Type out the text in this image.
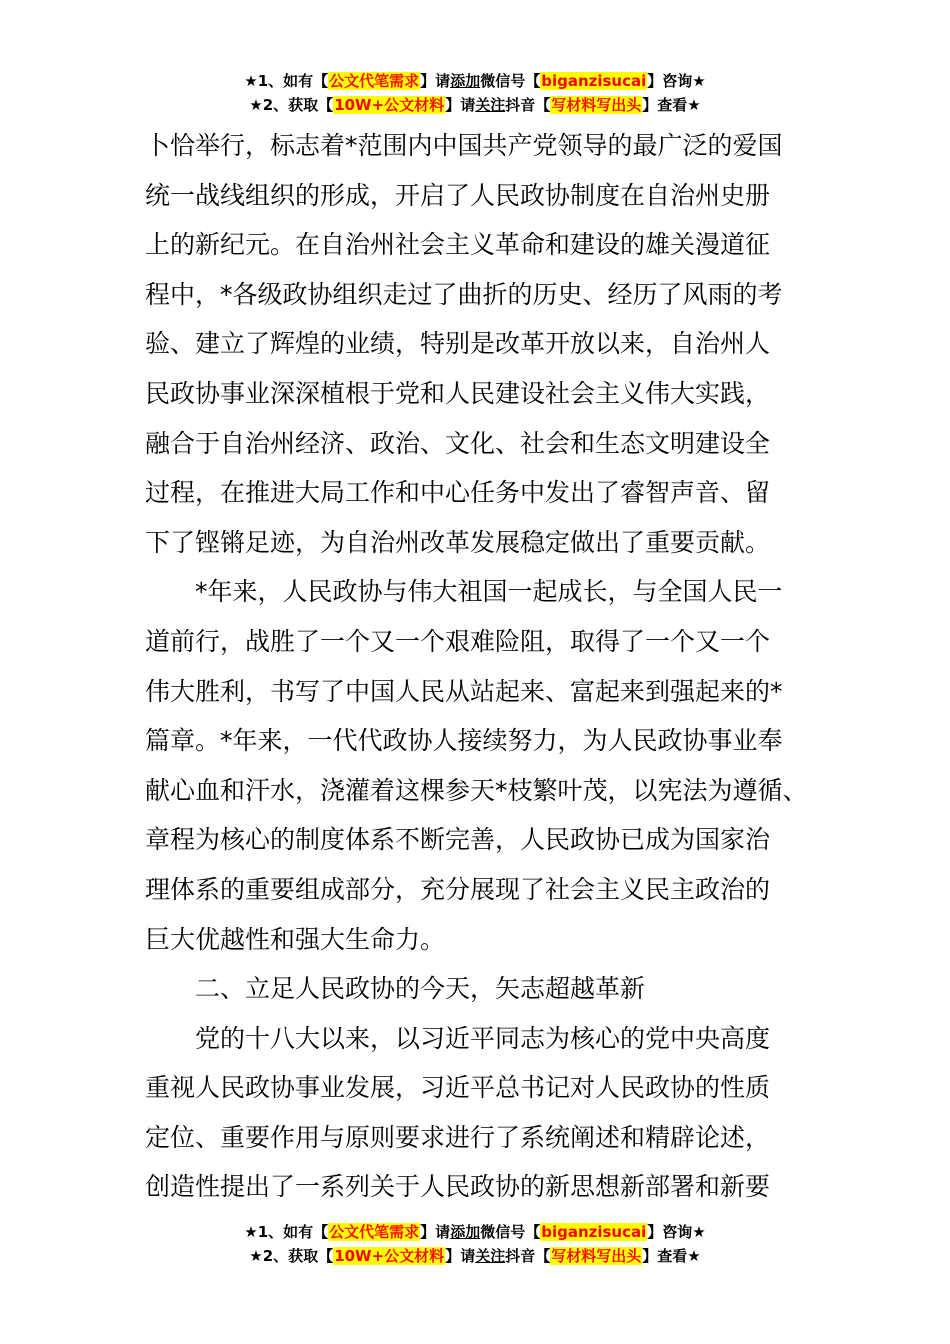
★1、如有【公文代笔需求】请添加微信号【biganzisucai】咨询★
★2、获取【10W+公文材料】请关注抖音【写材料写出头】查看★
卜恰举行，标志着*范围内中国共产党领导的最广泛的爱国
统一战线组织的形成，开启了人民政协制度在自治州史册
上的新纪元。在自治州社会主义革命和建设的雄关漫道征
程中，*各级政协组织走过了曲折的历史、经历了风雨的考
验、建立了辉煌的业绩，特别是改革开放以来，自治州人
民政协事业深深植根于党和人民建设社会主义伟大实践，
融合于自治州经济、政治、文化、社会和生态文明建设全
过程，在推进大局工作和中心任务中发出了睿智声音、留
下了铿锵足迹，为自治州改革发展稳定做出了重要贡献。
*年来，人民政协与伟大祖国一起成长，与全国人民一
道前行，战胜了一个又一个艰难险阻，取得了一个又一个
伟大胜利，书写了中国人民从站起来、富起来到强起来的*
篇章。*年来，一代代政协人接续努力，为人民政协事业奉
献心血和汗水，浇灌着这棵参天*枝繁叶茂，以宪法为遵循、
章程为核心的制度体系不断完善，人民政协已成为国家治
理体系的重要组成部分，充分展现了社会主义民主政治的
巨大优越性和强大生命力。
二、立足人民政协的今天，矢志超越革新
党的十八大以来，以习近平同志为核心的党中央高度
重视人民政协事业发展，习近平总书记对人民政协的性质
定位、重要作用与原则要求进行了系统阐述和精辟论述，
创造性提出了一系列关于人民政协的新思想新部署和新要
★1、如有【公文代笔需求】请添加微信号【biganzisucai】咨询★
★2、获取【10W+公文材料】请关注抖音【写材料写出头】查看★
